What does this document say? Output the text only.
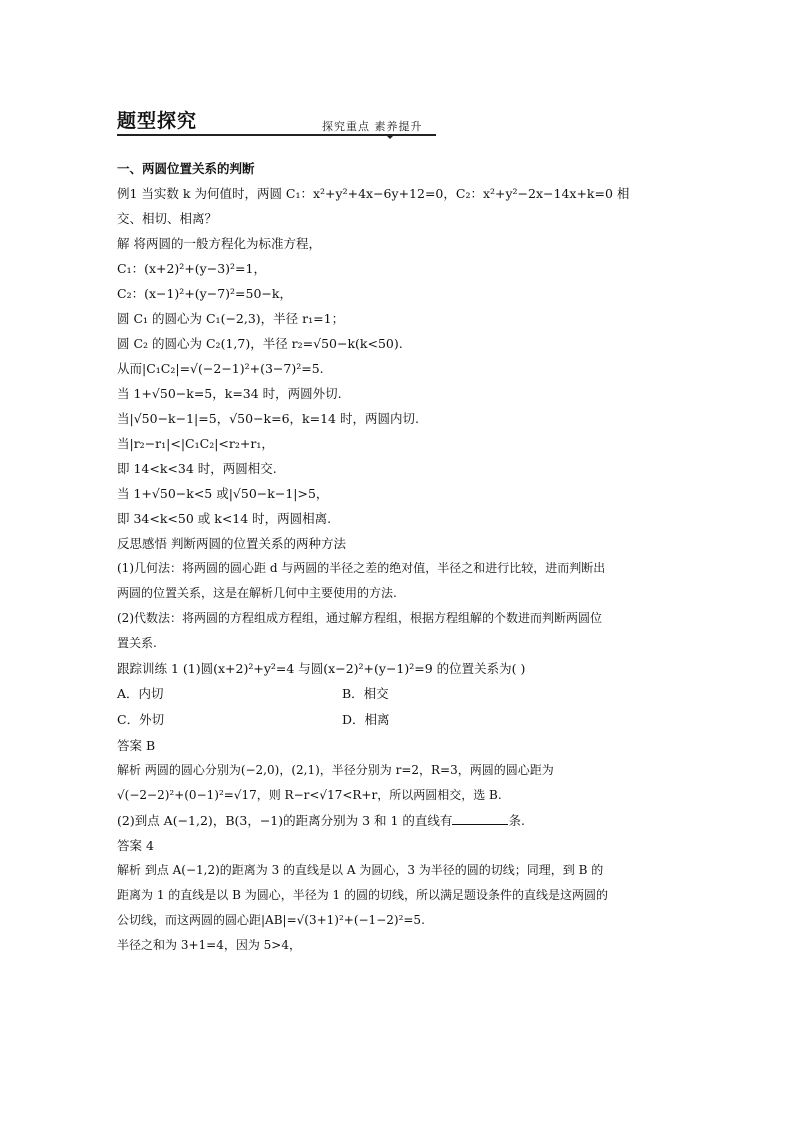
题型探究	探究重点 素养提升
一、两圆位置关系的判断
例1 当实数 k 为何值时，两圆 C₁：x²+y²+4x−6y+12=0，C₂：x²+y²−2x−14x+k=0 相
交、相切、相离？
解 将两圆的一般方程化为标准方程，
C₁：(x+2)²+(y−3)²=1，
C₂：(x−1)²+(y−7)²=50−k，
圆 C₁ 的圆心为 C₁(−2,3)，半径 r₁=1；
圆 C₂ 的圆心为 C₂(1,7)，半径 r₂=√50−k(k<50).
从而|C₁C₂|=√(−2−1)²+(3−7)²=5.
当 1+√50−k=5，k=34 时，两圆外切.
当|√50−k−1|=5，√50−k=6，k=14 时，两圆内切.
当|r₂−r₁|<|C₁C₂|<r₂+r₁，
即 14<k<34 时，两圆相交.
当 1+√50−k<5 或|√50−k−1|>5，
即 34<k<50 或 k<14 时，两圆相离.
反思感悟 判断两圆的位置关系的两种方法
(1)几何法：将两圆的圆心距 d 与两圆的半径之差的绝对值，半径之和进行比较，进而判断出
两圆的位置关系，这是在解析几何中主要使用的方法.
(2)代数法：将两圆的方程组成方程组，通过解方程组，根据方程组解的个数进而判断两圆位
置关系.
跟踪训练 1 (1)圆(x+2)²+y²=4 与圆(x−2)²+(y−1)²=9 的位置关系为( )
A．内切	B．相交
C．外切	D．相离
答案 B
解析 两圆的圆心分别为(−2,0)，(2,1)，半径分别为 r=2，R=3，两圆的圆心距为
√(−2−2)²+(0−1)²=√17，则 R−r<√17<R+r，所以两圆相交，选 B.
(2)到点 A(−1,2)，B(3，−1)的距离分别为 3 和 1 的直线有	条.
答案 4
解析 到点 A(−1,2)的距离为 3 的直线是以 A 为圆心，3 为半径的圆的切线；同理，到 B 的
距离为 1 的直线是以 B 为圆心，半径为 1 的圆的切线，所以满足题设条件的直线是这两圆的
公切线，而这两圆的圆心距|AB|=√(3+1)²+(−1−2)²=5.
半径之和为 3+1=4，因为 5>4，
